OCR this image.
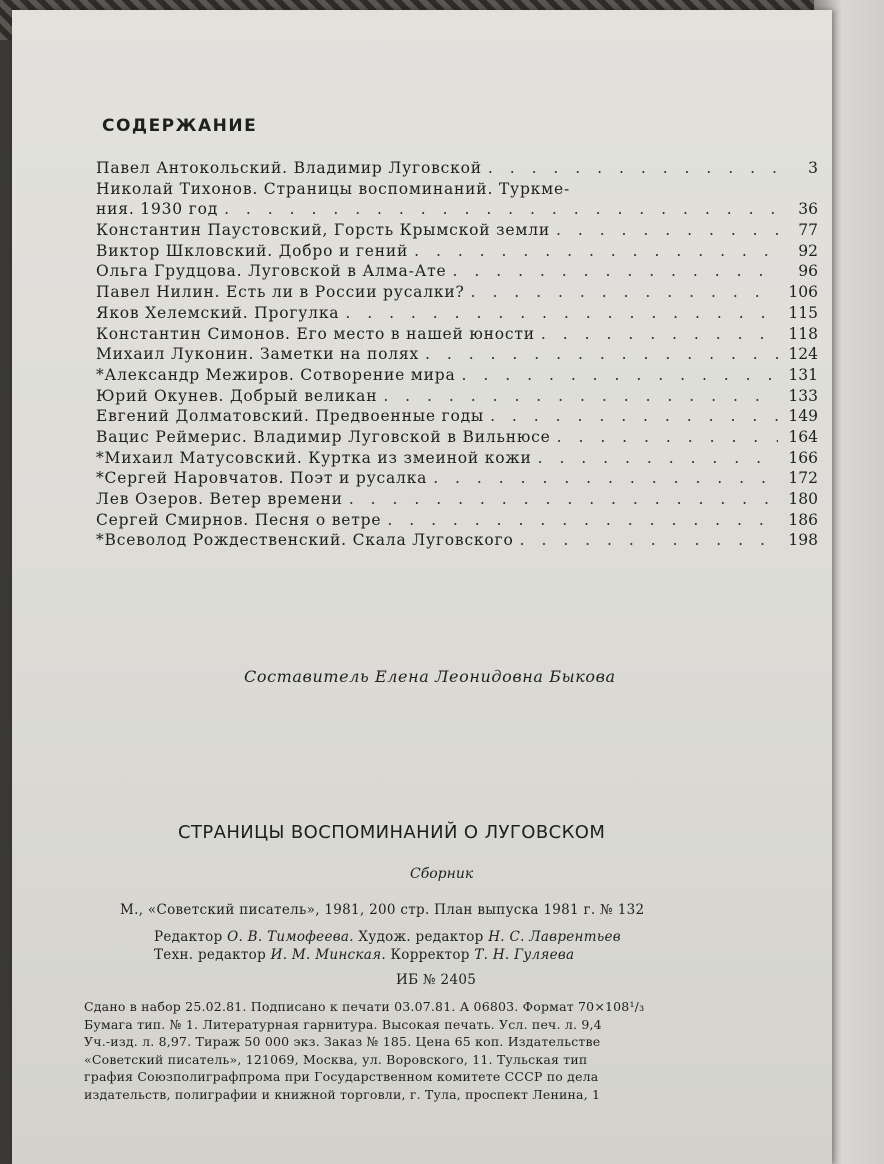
СОДЕРЖАНИЕ
Павел Антокольский. Владимир Луговской . . .	3
Николай Тихонов. Страницы воспоминаний. Туркме-
ния. 1930 год . . .	36
Константин Паустовский, Горсть Крымской земли . . .	77
Виктор Шкловский. Добро и гений . . .	92
Ольга Грудцова. Луговской в Алма-Ате . . .	96
Павел Нилин. Есть ли в России русалки? . . .	106
Яков Хелемский. Прогулка . . .	115
Константин Симонов. Его место в нашей юности . . .	118
Михаил Луконин. Заметки на полях . . .	124
*Александр Межиров. Сотворение мира . . .	131
Юрий Окунев. Добрый великан . . .	133
Евгений Долматовский. Предвоенные годы . . .	149
Вацис Реймерис. Владимир Луговской в Вильнюсе . . .	164
*Михаил Матусовский. Куртка из змеиной кожи . . .	166
*Сергей Наровчатов. Поэт и русалка . . .	172
Лев Озеров. Ветер времени . . .	180
Сергей Смирнов. Песня о ветре . . .	186
*Всеволод Рождественский. Скала Луговского . . .	198
Составитель Елена Леонидовна Быкова
СТРАНИЦЫ ВОСПОМИНАНИЙ О ЛУГОВСКОМ
Сборник
М., «Советский писатель», 1981, 200 стр. План выпуска 1981 г. № 132
Редактор О. В. Тимофеева. Худож. редактор Н. С. Лаврентьев
Техн. редактор И. М. Минская. Корректор Т. Н. Гуляева
ИБ № 2405
Сдано в набор 25.02.81. Подписано к печати 03.07.81. А 06803. Формат 70×108¹/₃
Бумага тип. № 1. Литературная гарнитура. Высокая печать. Усл. печ. л. 9,4
Уч.-изд. л. 8,97. Тираж 50 000 экз. Заказ № 185. Цена 65 коп. Издательстве
«Советский писатель», 121069, Москва, ул. Воровского, 11. Тульская тип
графия Союзполиграфпрома при Государственном комитете СССР по дела
издательств, полиграфии и книжной торговли, г. Тула, проспект Ленина, 1
